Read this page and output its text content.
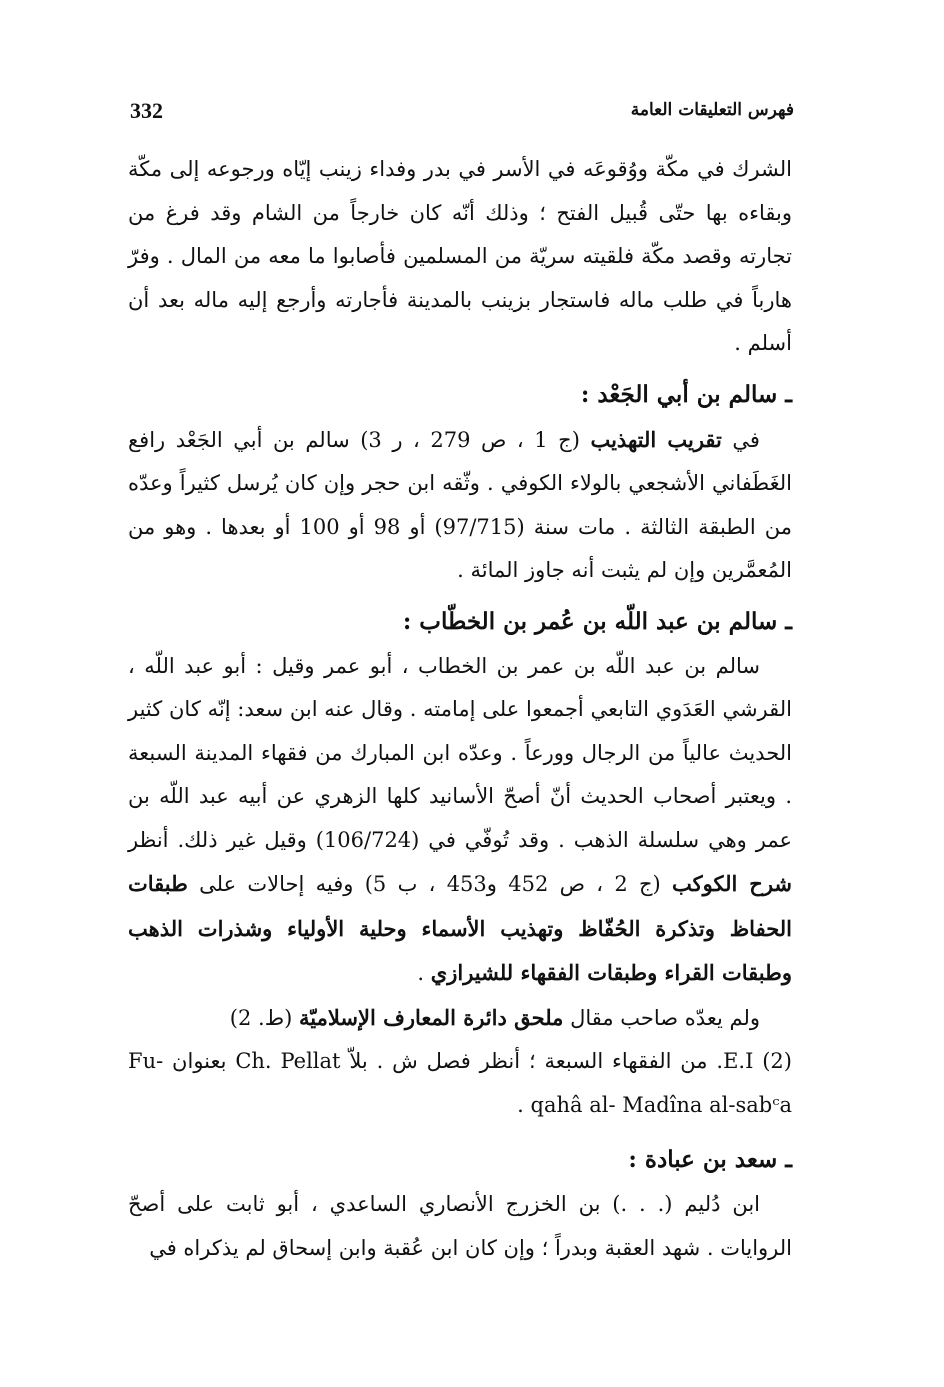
332	فهرس التعليقات العامة

الشرك في مكّة ووُقوعَه في الأسر في بدر وفداء زينب إيّاه ورجوعه إلى مكّة وبقاءه بها حتّى قُبيل الفتح ؛ وذلك أنّه كان خارجاً من الشام وقد فرغ من تجارته وقصد مكّة فلقيته سريّة من المسلمين فأصابوا ما معه من المال . وفرّ هارباً في طلب ماله فاستجار بزينب بالمدينة فأجارته وأرجع إليه ماله بعد أن أسلم .

ـ سالم بن أبي الجَعْد :

في تقريب التهذيب (ج 1 ، ص 279 ، ر 3) سالم بن أبي الجَعْد رافع الغَطَفاني الأشجعي بالولاء الكوفي . وثّقه ابن حجر وإن كان يُرسل كثيراً وعدّه من الطبقة الثالثة . مات سنة (97/715) أو 98 أو 100 أو بعدها . وهو من المُعمَّرين وإن لم يثبت أنه جاوز المائة .

ـ سالم بن عبد اللّه بن عُمر بن الخطّاب :

سالم بن عبد اللّه بن عمر بن الخطاب ، أبو عمر وقيل : أبو عبد اللّه ، القرشي العَدَوي التابعي أجمعوا على إمامته . وقال عنه ابن سعد: إنّه كان كثير الحديث عالياً من الرجال وورعاً . وعدّه ابن المبارك من فقهاء المدينة السبعة . ويعتبر أصحاب الحديث أنّ أصحّ الأسانيد كلها الزهري عن أبيه عبد اللّه بن عمر وهي سلسلة الذهب . وقد تُوفّي في (106/724) وقيل غير ذلك. أنظر شرح الكوكب (ج 2 ، ص 452 و453 ، ب 5) وفيه إحالات على طبقات الحفاظ وتذكرة الحُفّاظ وتهذيب الأسماء وحلية الأولياء وشذرات الذهب وطبقات القراء وطبقات الفقهاء للشيرازي .

ولم يعدّه صاحب مقال ملحق دائرة المعارف الإسلاميّة (ط. 2)

(2) E.I. من الفقهاء السبعة ؛ أنظر فصل ش . بلاّ Ch. Pellat بعنوان -Fu

qahâ al- Madîna al-sabᶜa .

ـ سعد بن عبادة :

ابن دُليم (. . .) بن الخزرج الأنصاري الساعدي ، أبو ثابت على أصحّ الروايات . شهد العقبة وبدراً ؛ وإن كان ابن عُقبة وابن إسحاق لم يذكراه في
